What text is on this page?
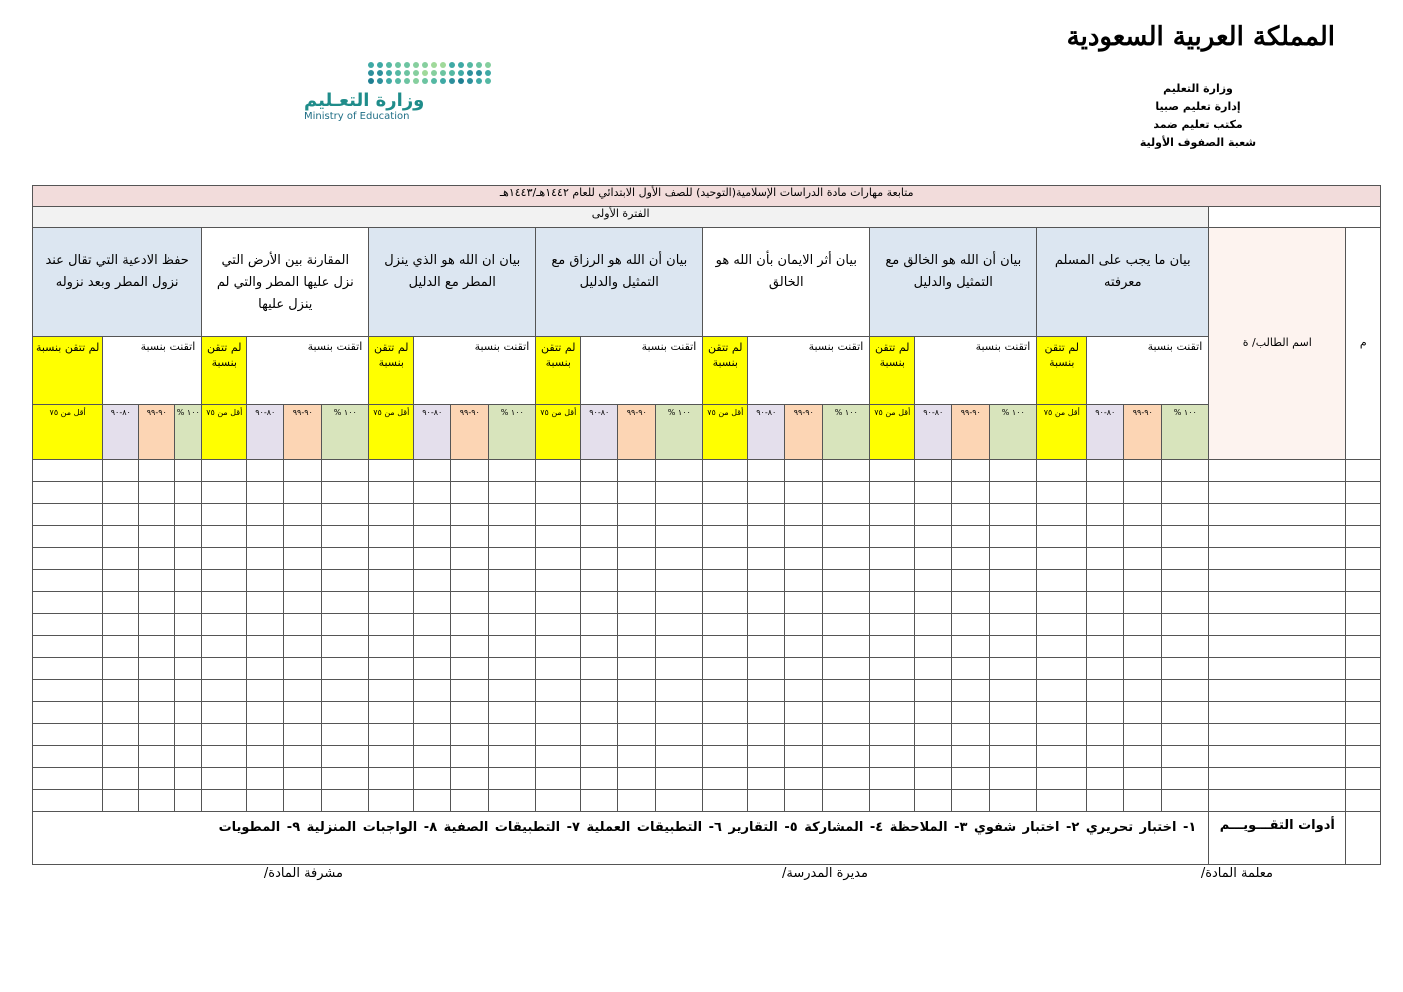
المملكة العربية السعودية
وزارة التعليم
إدارة تعليم صبيا
مكتب تعليم ضمد
شعبة الصفوف الأولية
وزارة التعـليم
Ministry of Education
متابعة مهارات مادة الدراسات الإسلامية(التوحيد) للصف الأول الابتدائي للعام ١٤٤٢هـ/١٤٤٣هـ																													
		الفترة الأولى																											
م	اسم الطالب/ ة	بيان ما يجب على المسلم معرفته				بيان أن الله هو الخالق مع التمثيل والدليل				بيان أثر الايمان بأن الله هو الخالق				بيان أن الله هو الرزاق مع التمثيل والدليل				بيان ان الله هو الذي ينزل المطر مع الدليل				المقارنة بين الأرض التي نزل عليها المطر والتي لم ينزل عليها				حفظ الادعية التي تقال عند نزول المطر وبعد نزوله			
		اتقنت بنسبة			لم تتقن بنسبة	اتقنت بنسبة			لم تتقن بنسبة	اتقنت بنسبة			لم تتقن بنسبة	اتقنت بنسبة			لم تتقن بنسبة	اتقنت بنسبة			لم تتقن بنسبة	اتقنت بنسبة			لم تتقن بنسبة	اتقنت بنسبة			لم تتقن بنسبة
		١٠٠ %	٩٠-٩٩	٨٠-٩٠	أقل من ٧٥	١٠٠ %	٩٠-٩٩	٨٠-٩٠	أقل من ٧٥	١٠٠ %	٩٠-٩٩	٨٠-٩٠	أقل من ٧٥	١٠٠ %	٩٠-٩٩	٨٠-٩٠	أقل من ٧٥	١٠٠ %	٩٠-٩٩	٨٠-٩٠	أقل من ٧٥	١٠٠ %	٩٠-٩٩	٨٠-٩٠	أقل من ٧٥	١٠٠ %	٩٠-٩٩	٨٠-٩٠	أقل من ٧٥

	أدوات التقـــويـــم	١- اختبار تحريري ٢- اختبار شفوي ٣- الملاحظة ٤- المشاركة ٥- التقارير ٦- التطبيقات العملية ٧- التطبيقات الصفية ٨- الواجبات المنزلية ٩- المطويات																											
معلمة المادة/
مديرة المدرسة/
مشرفة المادة/
